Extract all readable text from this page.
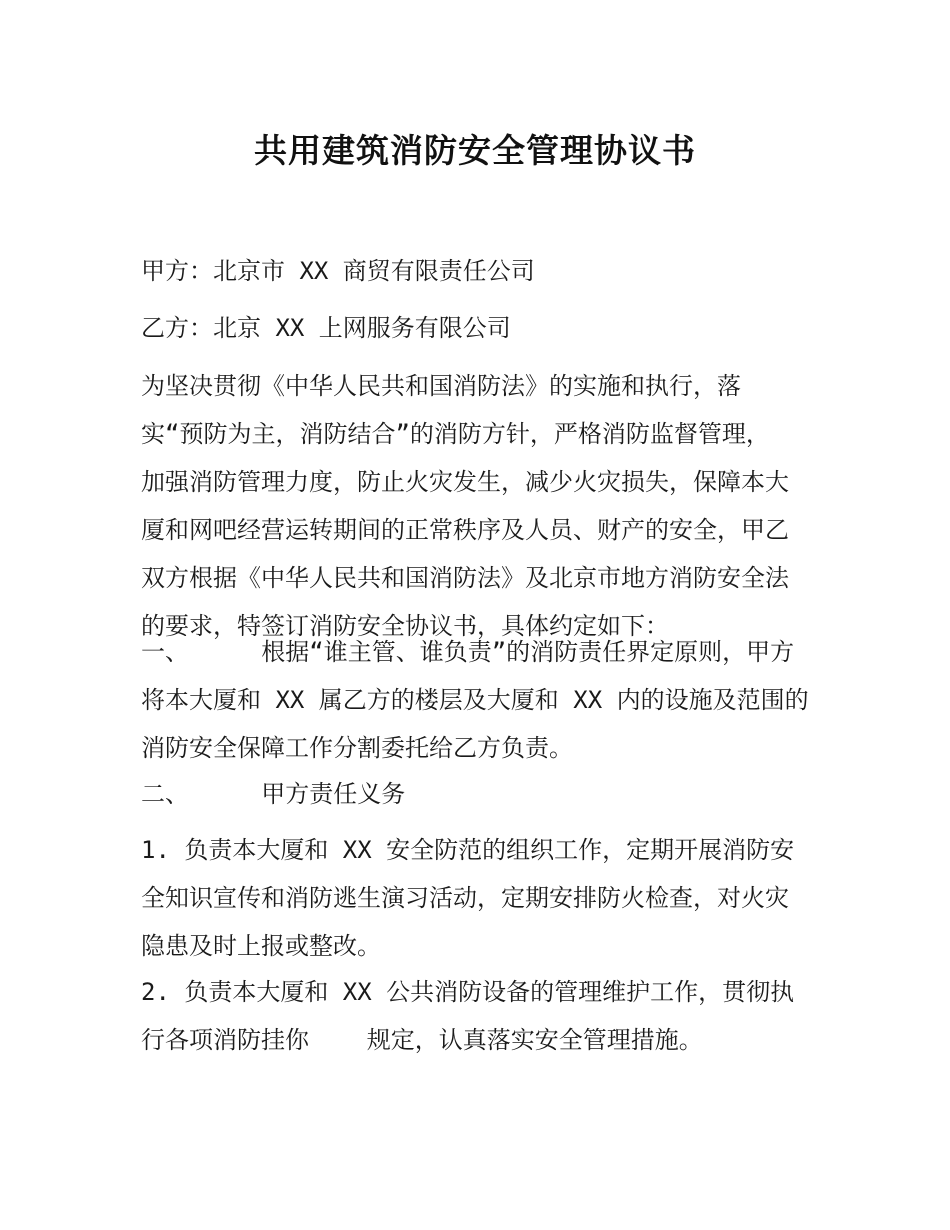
共用建筑消防安全管理协议书
甲方：北京市 XX 商贸有限责任公司
乙方：北京 XX 上网服务有限公司
为坚决贯彻《中华人民共和国消防法》的实施和执行，落
实“预防为主，消防结合”的消防方针，严格消防监督管理，
加强消防管理力度，防止火灾发生，减少火灾损失，保障本大
厦和网吧经营运转期间的正常秩序及人员、财产的安全，甲乙
双方根据《中华人民共和国消防法》及北京市地方消防安全法
的要求，特签订消防安全协议书，具体约定如下：
一、     根据“谁主管、谁负责”的消防责任界定原则，甲方
将本大厦和 XX 属乙方的楼层及大厦和 XX 内的设施及范围的
消防安全保障工作分割委托给乙方负责。
二、     甲方责任义务
1. 负责本大厦和 XX 安全防范的组织工作，定期开展消防安
全知识宣传和消防逃生演习活动，定期安排防火检查，对火灾
隐患及时上报或整改。
2. 负责本大厦和 XX 公共消防设备的管理维护工作，贯彻执
行各项消防挂你    规定，认真落实安全管理措施。
